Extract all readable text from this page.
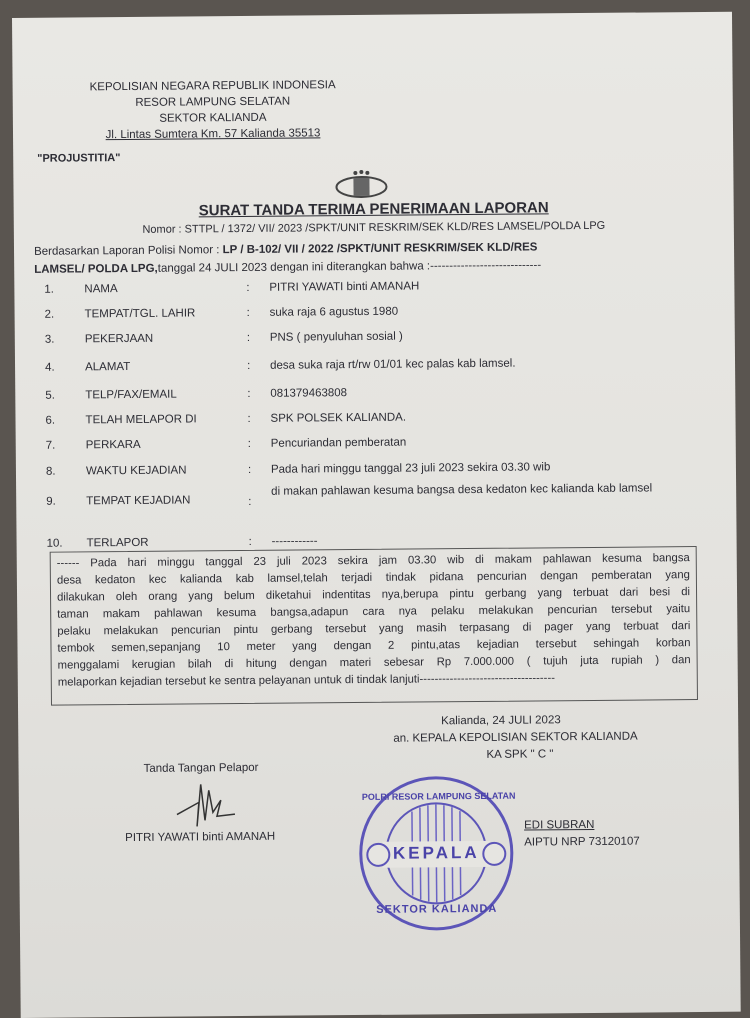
KEPOLISIAN NEGARA REPUBLIK INDONESIA
RESOR LAMPUNG SELATAN
SEKTOR KALIANDA
Jl. Lintas Sumtera Km. 57 Kalianda 35513
"PROJUSTITIA"
SURAT TANDA TERIMA PENERIMAAN LAPORAN
Nomor : STTPL / 1372/ VII/ 2023 /SPKT/UNIT RESKRIM/SEK KLD/RES LAMSEL/POLDA LPG
Berdasarkan Laporan Polisi Nomor : LP / B-102/ VII / 2022 /SPKT/UNIT RESKRIM/SEK KLD/RES
LAMSEL/ POLDA LPG,tanggal 24 JULI 2023 dengan ini diterangkan bahwa :-----------------------------
1.	NAMA	: PITRI YAWATI binti AMANAH
2.	TEMPAT/TGL. LAHIR	: suka raja 6 agustus 1980
3.	PEKERJAAN	: PNS ( penyuluhan sosial )
4.	ALAMAT	: desa suka raja rt/rw 01/01 kec palas kab lamsel.
5.	TELP/FAX/EMAIL	: 081379463808
6.	TELAH MELAPOR DI	: SPK POLSEK KALIANDA.
7.	PERKARA	: Pencuriandan pemberatan
8.	WAKTU KEJADIAN	: Pada hari minggu tanggal 23 juli 2023 sekira 03.30 wib
9.	TEMPAT KEJADIAN	:
di makan pahlawan kesuma bangsa desa kedaton kec kalianda kab lamsel
10. TERLAPOR	: ------------

------ Pada hari minggu tanggal 23 juli 2023 sekira jam 03.30 wib di makam pahlawan kesuma bangsa

desa kedaton kec kalianda kab lamsel,telah terjadi tindak pidana pencurian dengan pemberatan yang

dilakukan oleh orang yang belum diketahui indentitas nya,berupa pintu gerbang yang terbuat dari besi di

taman makam pahlawan kesuma bangsa,adapun cara nya pelaku melakukan pencurian tersebut yaitu

pelaku melakukan pencurian pintu gerbang tersebut yang masih terpasang di pager yang terbuat dari

tembok semen,sepanjang 10 meter yang dengan 2 pintu,atas kejadian tersebut sehingah korban

menggalami kerugian bilah di hitung dengan materi sebesar Rp 7.000.000 ( tujuh juta rupiah ) dan

melaporkan kejadian tersebut ke sentra pelayanan untuk di tindak lanjuti------------------------------------

Kalianda, 24 JULI 2023
an. KEPALA KEPOLISIAN SEKTOR KALIANDA
KA SPK " C "
EDI SUBRAN
AIPTU NRP 73120107
Tanda Tangan Pelapor
PITRI YAWATI binti AMANAH
POLRI RESOR LAMPUNG SELATAN
KEPALA
SEKTOR KALIANDA
